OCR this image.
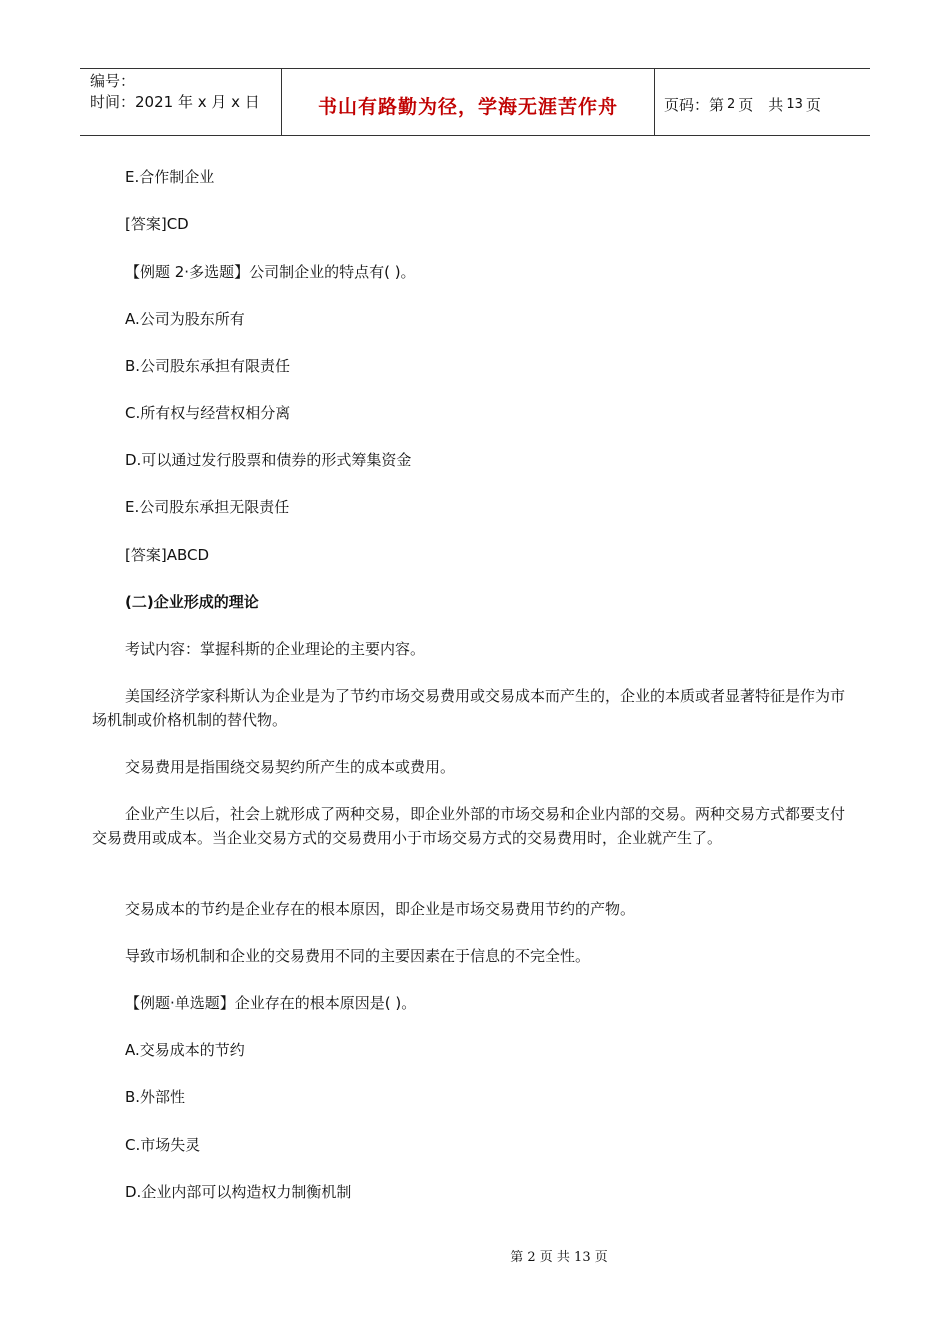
编号：
时间：2021 年 x 月 x 日	书山有路勤为径，学海无涯苦作舟	页码：第 2 页　共 13 页

E.合作制企业

[答案]CD

【例题 2·多选题】公司制企业的特点有( )。

A.公司为股东所有

B.公司股东承担有限责任

C.所有权与经营权相分离

D.可以通过发行股票和债券的形式筹集资金

E.公司股东承担无限责任

[答案]ABCD

(二)企业形成的理论

考试内容：掌握科斯的企业理论的主要内容。

美国经济学家科斯认为企业是为了节约市场交易费用或交易成本而产生的，企业的本质或者显著特征是作为市场机制或价格机制的替代物。

交易费用是指围绕交易契约所产生的成本或费用。

企业产生以后，社会上就形成了两种交易，即企业外部的市场交易和企业内部的交易。两种交易方式都要支付交易费用或成本。当企业交易方式的交易费用小于市场交易方式的交易费用时，企业就产生了。

交易成本的节约是企业存在的根本原因，即企业是市场交易费用节约的产物。

导致市场机制和企业的交易费用不同的主要因素在于信息的不完全性。

【例题·单选题】企业存在的根本原因是( )。

A.交易成本的节约

B.外部性

C.市场失灵

D.企业内部可以构造权力制衡机制

第 2 页 共 13 页
